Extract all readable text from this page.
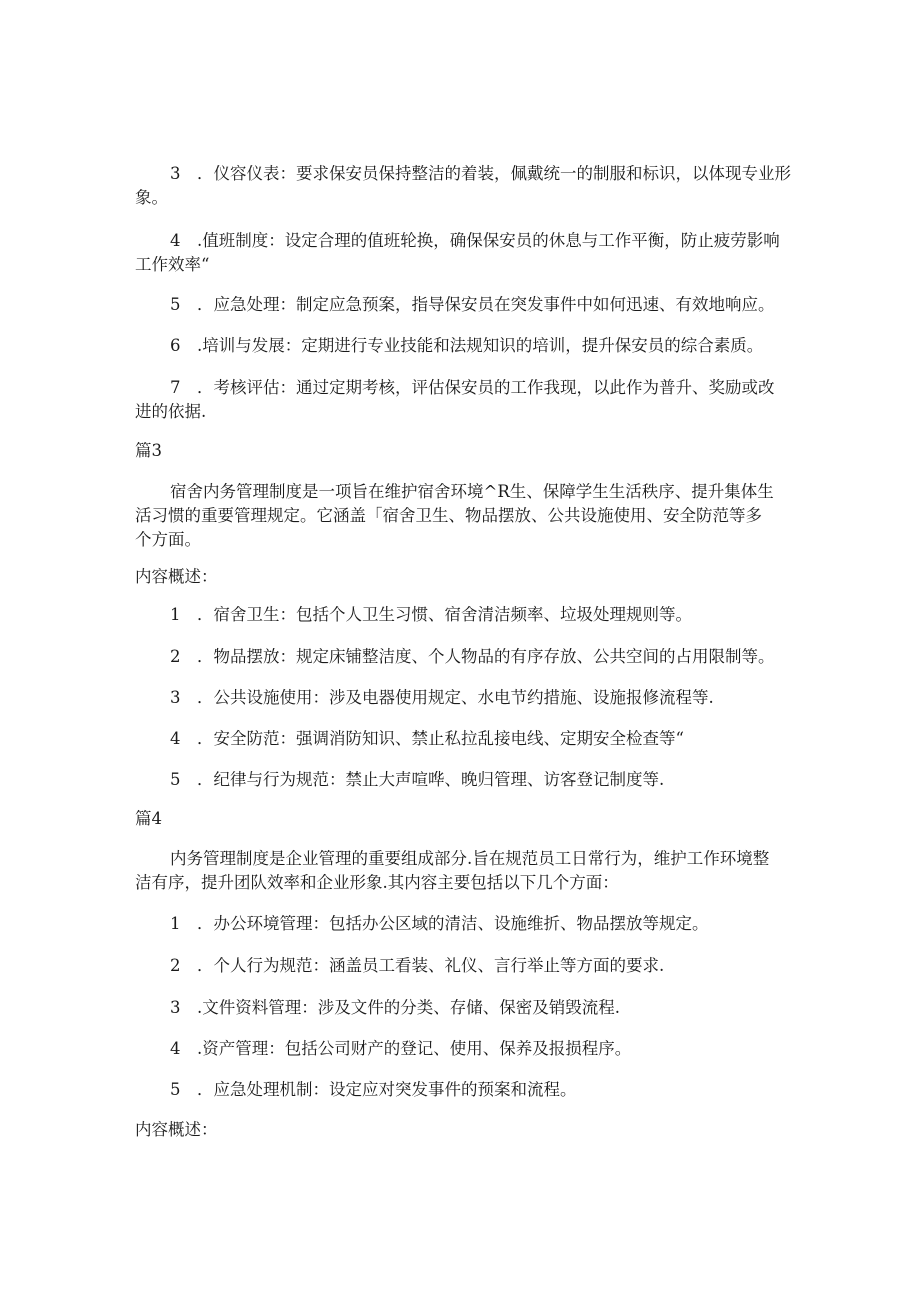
3　．仪容仪表：要求保安员保持整洁的着装，佩戴统一的制服和标识，以体现专业形
象。

4　.值班制度：设定合理的值班轮换，确保保安员的休息与工作平衡，防止疲劳影响
工作效率“

5　．应急处理：制定应急预案，指导保安员在突发事件中如何迅速、有效地响应。

6　.培训与发展：定期进行专业技能和法规知识的培训，提升保安员的综合素质。

7　．考核评估：通过定期考核，评估保安员的工作我现，以此作为普升、奖励或改
进的依据.

篇3

宿舍内务管理制度是一项旨在维护宿舍环境^R生、保障学生生活秩序、提升集体生
活习惯的重要管理规定。它涵盖「宿舍卫生、物品摆放、公共设施使用、安全防范等多
个方面。

内容概述：

1　．宿舍卫生：包括个人卫生习惯、宿舍清洁频率、垃圾处理规则等。

2　．物品摆放：规定床铺整洁度、个人物品的有序存放、公共空间的占用限制等。

3　．公共设施使用：涉及电器使用规定、水电节约措施、设施报修流程等.

4　．安全防范：强调消防知识、禁止私拉乱接电线、定期安全检查等“

5　．纪律与行为规范：禁止大声喧哗、晚归管理、访客登记制度等.

篇4

内务管理制度是企业管理的重要组成部分.旨在规范员工日常行为，维护工作环境整
洁有序，提升团队效率和企业形象.其内容主要包括以下几个方面：

1　．办公环境管理：包括办公区域的清洁、设施维折、物品摆放等规定。

2　．个人行为规范：涵盖员工看装、礼仪、言行举止等方面的要求.

3　.文件资料管理：涉及文件的分类、存储、保密及销毁流程.

4　.资产管理：包括公司财产的登记、使用、保养及报损程序。

5　．应急处理机制：设定应对突发事件的预案和流程。

内容概述：
